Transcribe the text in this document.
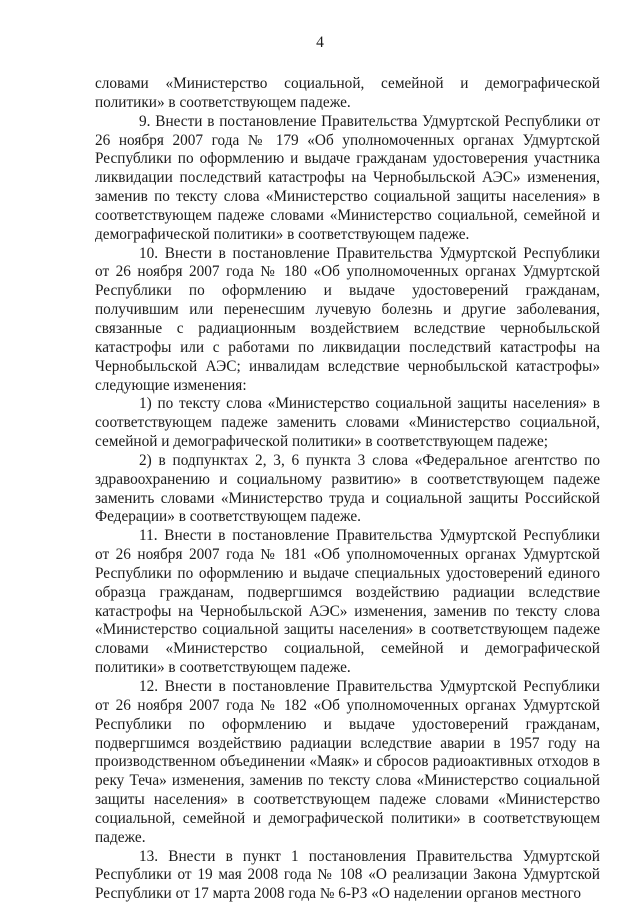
4

словами «Министерство социальной, семейной и демографической политики» в соответствующем падеже.

9. Внести в постановление Правительства Удмуртской Республики от 26 ноября 2007 года № 179 «Об уполномоченных органах Удмуртской Республики по оформлению и выдаче гражданам удостоверения участника ликвидации последствий катастрофы на Чернобыльской АЭС» изменения, заменив по тексту слова «Министерство социальной защиты населения» в соответствующем падеже словами «Министерство социальной, семейной и демографической политики» в соответствующем падеже.

10. Внести в постановление Правительства Удмуртской Республики от 26 ноября 2007 года № 180 «Об уполномоченных органах Удмуртской Республики по оформлению и выдаче удостоверений гражданам, получившим или перенесшим лучевую болезнь и другие заболевания, связанные с радиационным воздействием вследствие чернобыльской катастрофы или с работами по ликвидации последствий катастрофы на Чернобыльской АЭС; инвалидам вследствие чернобыльской катастрофы» следующие изменения:

1) по тексту слова «Министерство социальной защиты населения» в соответствующем падеже заменить словами «Министерство социальной, семейной и демографической политики» в соответствующем падеже;

2) в подпунктах 2, 3, 6 пункта 3 слова «Федеральное агентство по здравоохранению и социальному развитию» в соответствующем падеже заменить словами «Министерство труда и социальной защиты Российской Федерации» в соответствующем падеже.

11. Внести в постановление Правительства Удмуртской Республики от 26 ноября 2007 года № 181 «Об уполномоченных органах Удмуртской Республики по оформлению и выдаче специальных удостоверений единого образца гражданам, подвергшимся воздействию радиации вследствие катастрофы на Чернобыльской АЭС» изменения, заменив по тексту слова «Министерство социальной защиты населения» в соответствующем падеже словами «Министерство социальной, семейной и демографической политики» в соответствующем падеже.

12. Внести в постановление Правительства Удмуртской Республики от 26 ноября 2007 года № 182 «Об уполномоченных органах Удмуртской Республики по оформлению и выдаче удостоверений гражданам, подвергшимся воздействию радиации вследствие аварии в 1957 году на производственном объединении «Маяк» и сбросов радиоактивных отходов в реку Теча» изменения, заменив по тексту слова «Министерство социальной защиты населения» в соответствующем падеже словами «Министерство социальной, семейной и демографической политики» в соответствующем падеже.

13. Внести в пункт 1 постановления Правительства Удмуртской Республики от 19 мая 2008 года № 108 «О реализации Закона Удмуртской Республики от 17 марта 2008 года № 6-РЗ «О наделении органов местного
